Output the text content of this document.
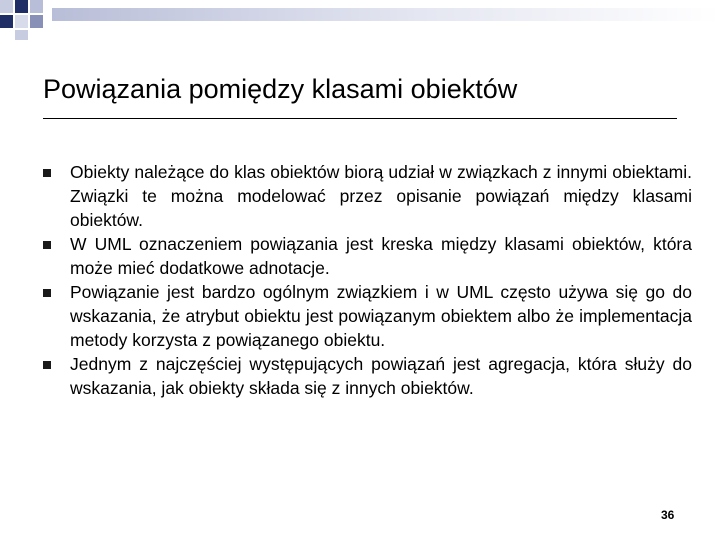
Powiązania pomiędzy klasami obiektów
Obiekty należące do klas obiektów biorą udział w związkach z innymi obiektami. Związki te można modelować przez opisanie powiązań między klasami obiektów.
W UML oznaczeniem powiązania jest kreska między klasami obiektów, która może mieć dodatkowe adnotacje.
Powiązanie jest bardzo ogólnym związkiem i w UML często używa się go do wskazania, że atrybut obiektu jest powiązanym obiektem albo że implementacja metody korzysta z powiązanego obiektu.
Jednym z najczęściej występujących powiązań jest agregacja, która służy do wskazania, jak obiekty składa się z innych obiektów.
36
